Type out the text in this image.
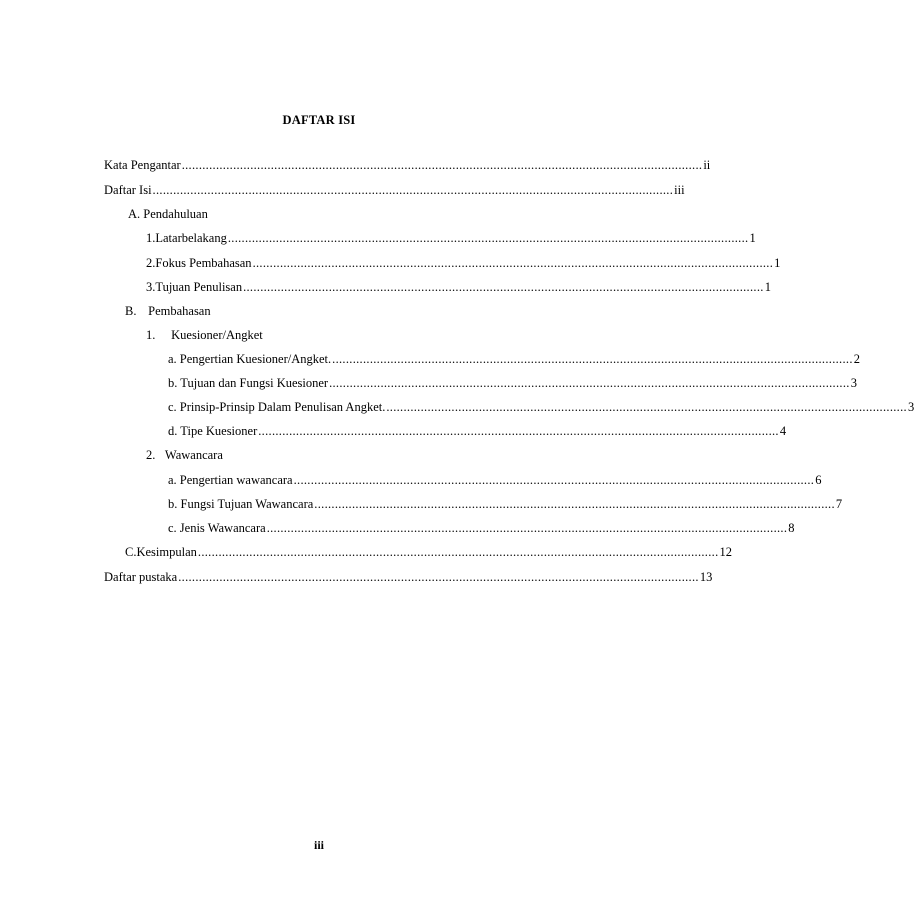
DAFTAR ISI
Kata Pengantar ........................................................................................................................................................ ii
Daftar Isi ........................................................................................................................................................ iii
A. Pendahuluan
1. Latarbelakang ........................................................................................................................................................ 1
2. Fokus Pembahasan ........................................................................................................................................................ 1
3. Tujuan Penulisan ........................................................................................................................................................ 1
B. Pembahasan
1. Kuesioner/Angket
a. Pengertian Kuesioner/Angket. ........................................................................................................................................................ 2
b. Tujuan dan Fungsi Kuesioner ........................................................................................................................................................ 3
c. Prinsip-Prinsip Dalam Penulisan Angket. ........................................................................................................................................................ 3
d. Tipe Kuesioner ........................................................................................................................................................ 4
2. Wawancara
a. Pengertian wawancara ........................................................................................................................................................ 6
b. Fungsi Tujuan Wawancara ........................................................................................................................................................ 7
c. Jenis Wawancara ........................................................................................................................................................ 8
C. Kesimpulan ........................................................................................................................................................ 12
Daftar pustaka ........................................................................................................................................................ 13
iii
